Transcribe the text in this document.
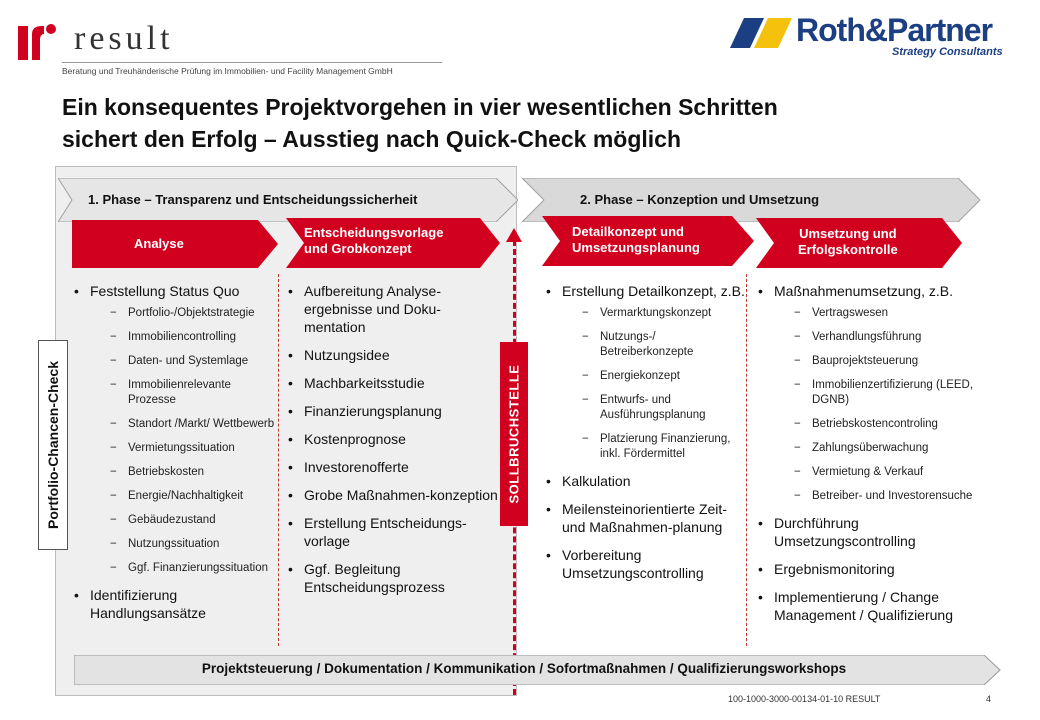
result
Beratung und Treuhänderische Prüfung im Immobilien- und Facility Management GmbH
Roth&Partner
Strategy Consultants
Ein konsequentes Projektvorgehen in vier wesentlichen Schritten
sichert den Erfolg – Ausstieg nach Quick-Check möglich
1. Phase – Transparenz und Entscheidungssicherheit	2. Phase – Konzeption und Umsetzung
Analyse
Entscheidungsvorlage
und Grobkonzept
Detailkonzept und
Umsetzungsplanung
Umsetzung und
Erfolgskontrolle
Portfolio-Chancen-Check
• Feststellung Status Quo
− Portfolio-/Objektstrategie
− Immobiliencontrolling
− Daten- und Systemlage
− Immobilienrelevante Prozesse
− Standort /Markt/ Wettbewerb
− Vermietungssituation
− Betriebskosten
− Energie/Nachhaltigkeit
− Gebäudezustand
− Nutzungssituation
− Ggf. Finanzierungssituation
• Identifizierung Handlungsansätze
• Aufbereitung Analyse-ergebnisse und Doku-mentation
• Nutzungsidee
• Machbarkeitsstudie
• Finanzierungsplanung
• Kostenprognose
• Investorenofferte
• Grobe Maßnahmen-konzeption
• Erstellung Entscheidungs-vorlage
• Ggf. Begleitung Entscheidungsprozess
• Erstellung Detailkonzept, z.B.
− Vermarktungskonzept
− Nutzungs-/ Betreiberkonzepte
− Energiekonzept
− Entwurfs- und Ausführungsplanung
− Platzierung Finanzierung, inkl. Fördermittel
• Kalkulation
• Meilensteinorientierte Zeit- und Maßnahmen-planung
• Vorbereitung Umsetzungscontrolling
• Maßnahmenumsetzung, z.B.
− Vertragswesen
− Verhandlungsführung
− Bauprojektsteuerung
− Immobilienzertifizierung (LEED, DGNB)
− Betriebskostencontroling
− Zahlungsüberwachung
− Vermietung & Verkauf
− Betreiber- und Investorensuche
• Durchführung Umsetzungscontrolling
• Ergebnismonitoring
• Implementierung / Change Management / Qualifizierung
SOLLBRUCHSTELLE
Projektsteuerung / Dokumentation / Kommunikation / Sofortmaßnahmen / Qualifizierungsworkshops
100-1000-3000-00134-01-10 RESULT	4
